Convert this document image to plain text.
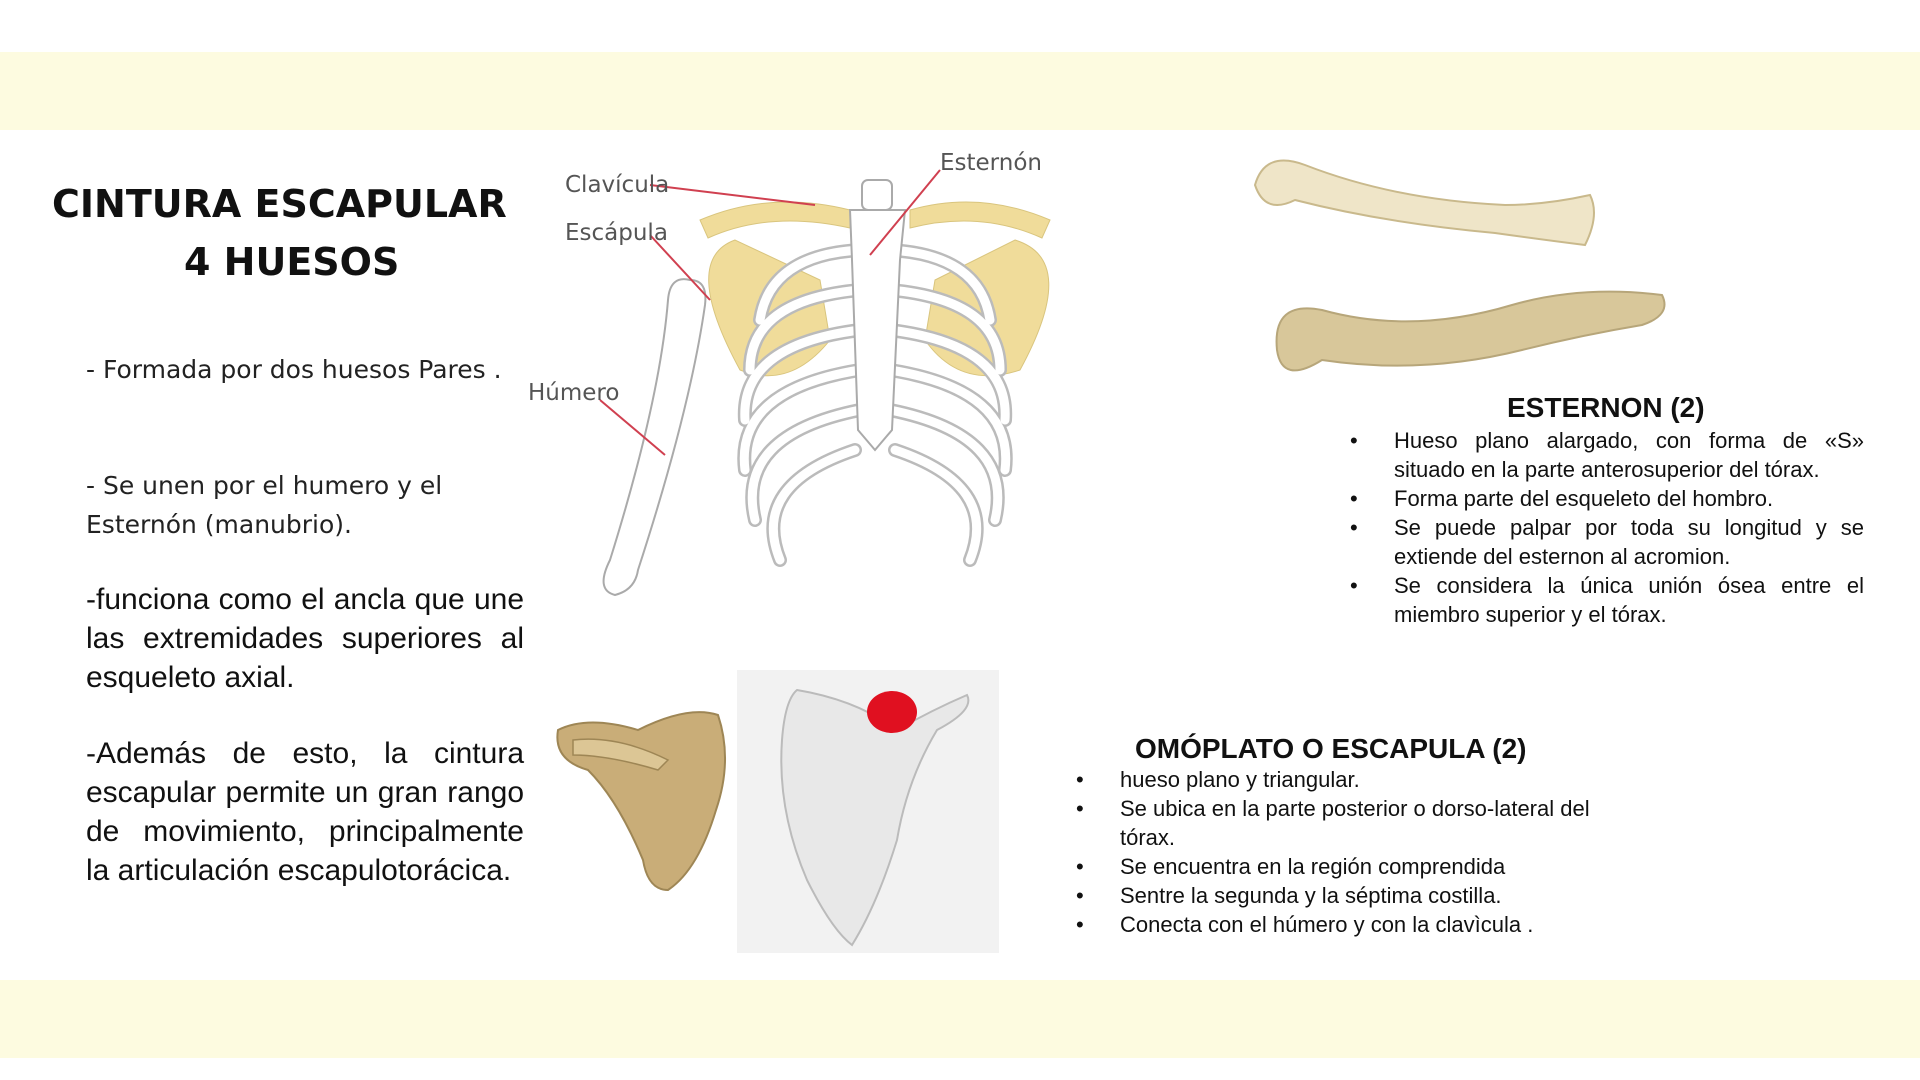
CINTURA ESCAPULAR
4 HUESOS
- Formada por dos huesos Pares .
- Se unen por el humero y el Esternón (manubrio).
-funciona como el ancla que une las extremidades superiores al esqueleto axial.
-Además de esto, la cintura escapular permite un gran rango de movimiento, principalmente la articulación escapulotorácica.
Clavícula
Escápula
Húmero
Esternón
ESTERNON (2)
• Hueso plano alargado, con forma de «S» situado en la parte anterosuperior del tórax.
• Forma parte del esqueleto del hombro.
• Se puede palpar por toda su longitud y se extiende del esternon al acromion.
• Se considera la única unión ósea entre el miembro superior y el tórax.
OMÓPLATO O ESCAPULA (2)
• hueso plano y triangular.
• Se ubica en la parte posterior o dorso-lateral del tórax.
• Se encuentra en la región comprendida
• Sentre la segunda y la séptima costilla.
• Conecta con el húmero y con la clavìcula .
